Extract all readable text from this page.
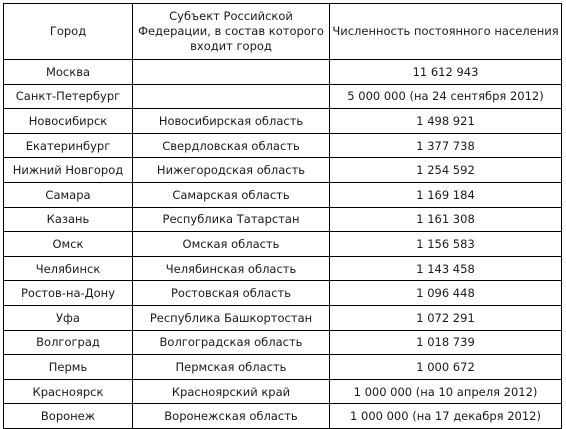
Город	Субъект Российской Федерации, в состав которого входит город	Численность постоянного населения
Москва		11 612 943
Санкт-Петербург		5 000 000 (на 24 сентября 2012)
Новосибирск	Новосибирская область	1 498 921
Екатеринбург	Свердловская область	1 377 738
Нижний Новгород	Нижегородская область	1 254 592
Самара	Самарская область	1 169 184
Казань	Республика Татарстан	1 161 308
Омск	Омская область	1 156 583
Челябинск	Челябинская область	1 143 458
Ростов-на-Дону	Ростовская область	1 096 448
Уфа	Республика Башкортостан	1 072 291
Волгоград	Волгоградская область	1 018 739
Пермь	Пермская область	1 000 672
Красноярск	Красноярский край	1 000 000 (на 10 апреля 2012)
Воронеж	Воронежская область	1 000 000 (на 17 декабря 2012)
